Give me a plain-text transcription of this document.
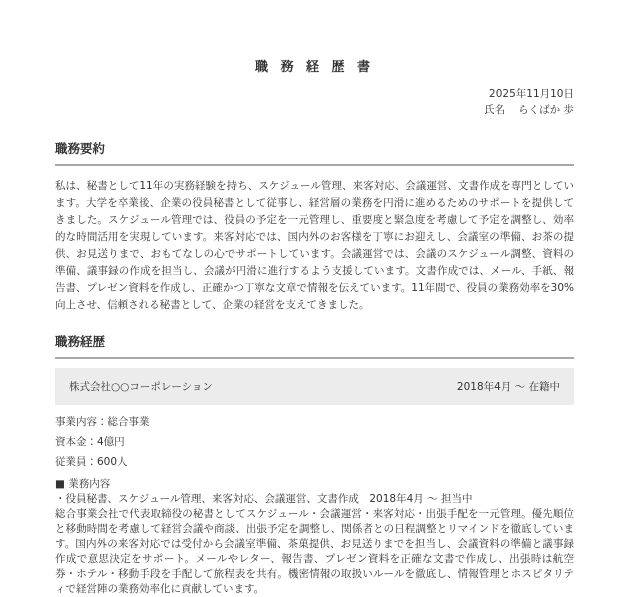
職 務 経 歴 書
2025年11月10日
氏名 らくばか 歩
職務要約

私は、秘書として11年の実務経験を持ち、スケジュール管理、来客対応、会議運営、文書作成を専門としています。大学を卒業後、企業の役員秘書として従事し、経営層の業務を円滑に進めるためのサポートを提供してきました。スケジュール管理では、役員の予定を一元管理し、重要度と緊急度を考慮して予定を調整し、効率的な時間活用を実現しています。来客対応では、国内外のお客様を丁寧にお迎えし、会議室の準備、お茶の提供、お見送りまで、おもてなしの心でサポートしています。会議運営では、会議のスケジュール調整、資料の準備、議事録の作成を担当し、会議が円滑に進行するよう支援しています。文書作成では、メール、手紙、報告書、プレゼン資料を作成し、正確かつ丁寧な文章で情報を伝えています。11年間で、役員の業務効率を30%向上させ、信頼される秘書として、企業の経営を支えてきました。

職務経歴
株式会社○○コーポレーション	2018年4月 ～ 在籍中
事業内容：総合事業
資本金：4億円
従業員：600人
■ 業務内容
・役員秘書、スケジュール管理、来客対応、会議運営、文書作成　2018年4月 ～ 担当中
総合事業会社で代表取締役の秘書としてスケジュール・会議運営・来客対応・出張手配を一元管理。優先順位と移動時間を考慮して経営会議や商談、出張予定を調整し、関係者との日程調整とリマインドを徹底しています。国内外の来客対応では受付から会議室準備、茶菓提供、お見送りまでを担当し、会議資料の準備と議事録作成で意思決定をサポート。メールやレター、報告書、プレゼン資料を正確な文書で作成し、出張時は航空券・ホテル・移動手段を手配して旅程表を共有。機密情報の取扱いルールを徹底し、情報管理とホスピタリティで経営陣の業務効率化に貢献しています。
